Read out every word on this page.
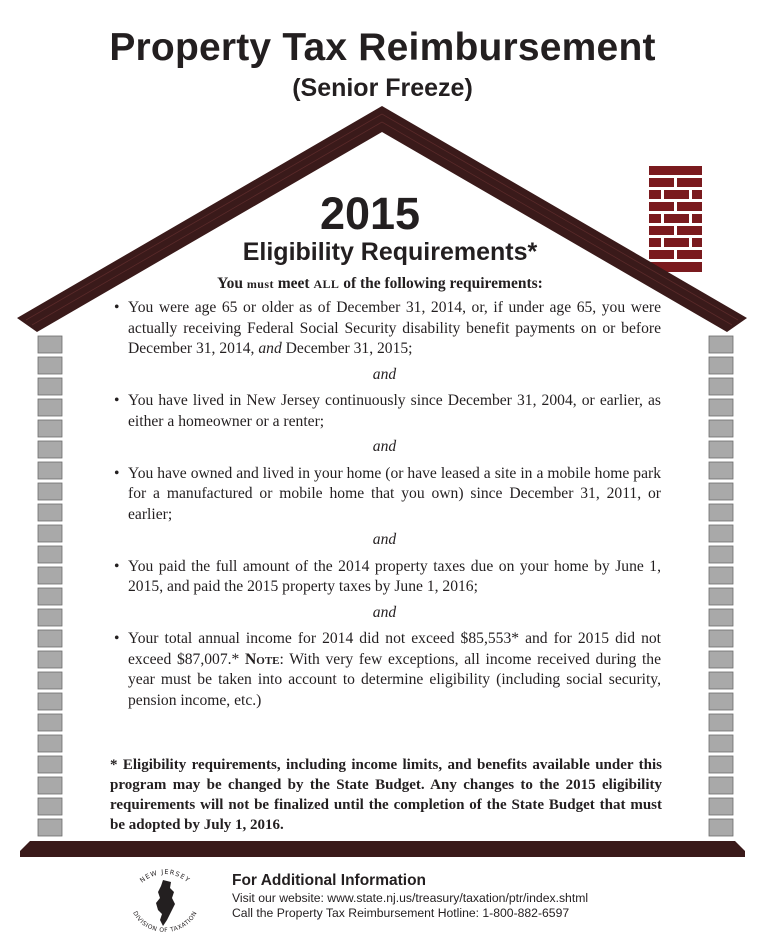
Property Tax Reimbursement
(Senior Freeze)
2015
Eligibility Requirements*
You must meet ALL of the following requirements:
• You were age 65 or older as of December 31, 2014, or, if under age 65, you were actually receiving Federal Social Security disability benefit payments on or before December 31, 2014, and December 31, 2015;
and
• You have lived in New Jersey continuously since December 31, 2004, or earlier, as either a homeowner or a renter;
and
• You have owned and lived in your home (or have leased a site in a mobile home park for a manufactured or mobile home that you own) since December 31, 2011, or earlier;
and
• You paid the full amount of the 2014 property taxes due on your home by June 1, 2015, and paid the 2015 property taxes by June 1, 2016;
and
• Your total annual income for 2014 did not exceed $85,553* and for 2015 did not exceed $87,007.* Note: With very few exceptions, all income received during the year must be taken into account to determine eligibility (including social security, pension income, etc.)
* Eligibility requirements, including income limits, and benefits available under this program may be changed by the State Budget. Any changes to the 2015 eligibility requirements will not be finalized until the completion of the State Budget that must be adopted by July 1, 2016.
NEW JERSEY
DIVISION OF TAXATION
For Additional Information
Visit our website: www.state.nj.us/treasury/taxation/ptr/index.shtml
Call the Property Tax Reimbursement Hotline: 1-800-882-6597
